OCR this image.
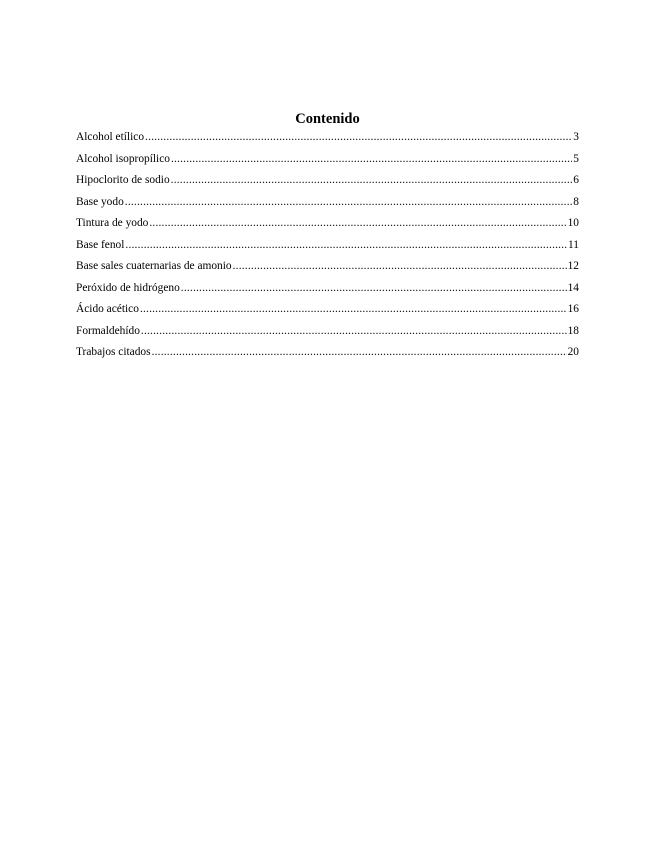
Contenido
Alcohol etílico .....	3
Alcohol isopropílico .....	5
Hipoclorito de sodio .....	6
Base yodo .....	8
Tintura de yodo .....	10
Base fenol .....	11
Base sales cuaternarias de amonio .....	12
Peróxido de hidrógeno .....	14
Ácido acético .....	16
Formaldehído .....	18
Trabajos citados .....	20
